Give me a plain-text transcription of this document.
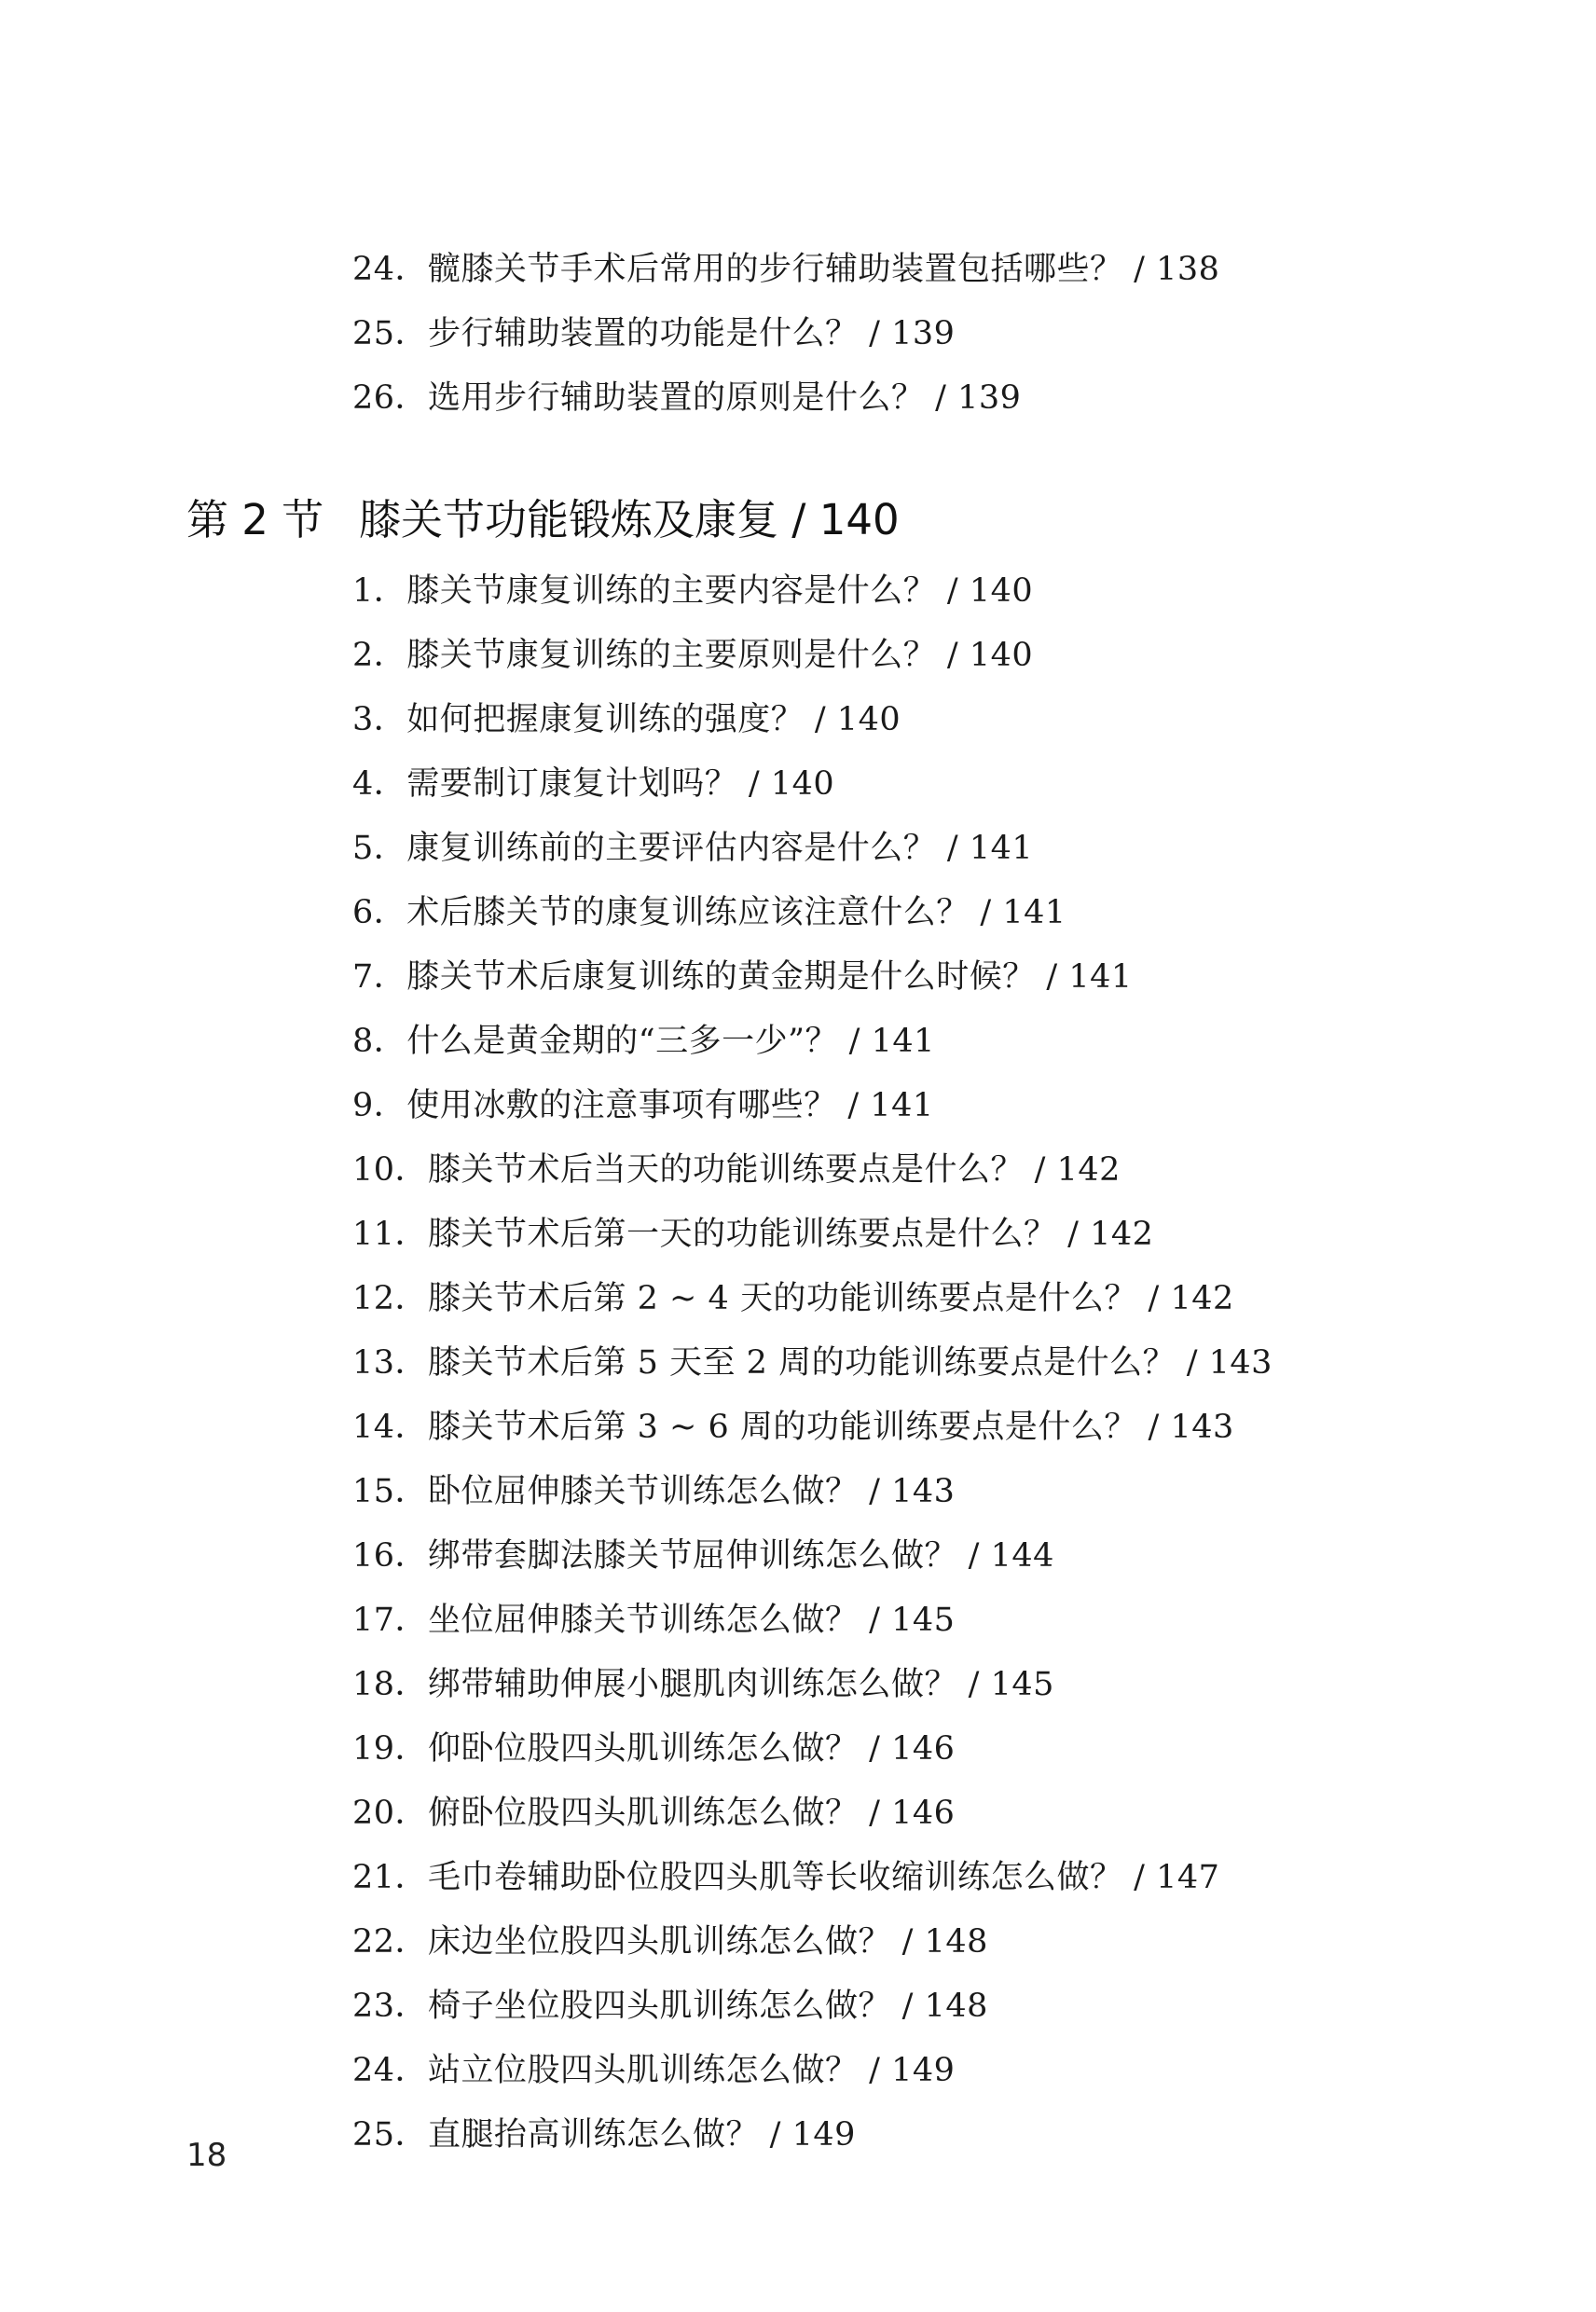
24．髋膝关节手术后常用的步行辅助装置包括哪些？ / 138
25．步行辅助装置的功能是什么？ / 139
26．选用步行辅助装置的原则是什么？ / 139
第 2 节 膝关节功能锻炼及康复 / 140
1．膝关节康复训练的主要内容是什么？ / 140
2．膝关节康复训练的主要原则是什么？ / 140
3．如何把握康复训练的强度？ / 140
4．需要制订康复计划吗？ / 140
5．康复训练前的主要评估内容是什么？ / 141
6．术后膝关节的康复训练应该注意什么？ / 141
7．膝关节术后康复训练的黄金期是什么时候？ / 141
8．什么是黄金期的“三多一少”？ / 141
9．使用冰敷的注意事项有哪些？ / 141
10．膝关节术后当天的功能训练要点是什么？ / 142
11．膝关节术后第一天的功能训练要点是什么？ / 142
12．膝关节术后第 2 ~ 4 天的功能训练要点是什么？ / 142
13．膝关节术后第 5 天至 2 周的功能训练要点是什么？ / 143
14．膝关节术后第 3 ~ 6 周的功能训练要点是什么？ / 143
15．卧位屈伸膝关节训练怎么做？ / 143
16．绑带套脚法膝关节屈伸训练怎么做？ / 144
17．坐位屈伸膝关节训练怎么做？ / 145
18．绑带辅助伸展小腿肌肉训练怎么做？ / 145
19．仰卧位股四头肌训练怎么做？ / 146
20．俯卧位股四头肌训练怎么做？ / 146
21．毛巾卷辅助卧位股四头肌等长收缩训练怎么做？ / 147
22．床边坐位股四头肌训练怎么做？ / 148
23．椅子坐位股四头肌训练怎么做？ / 148
24．站立位股四头肌训练怎么做？ / 149
25．直腿抬高训练怎么做？ / 149
18
